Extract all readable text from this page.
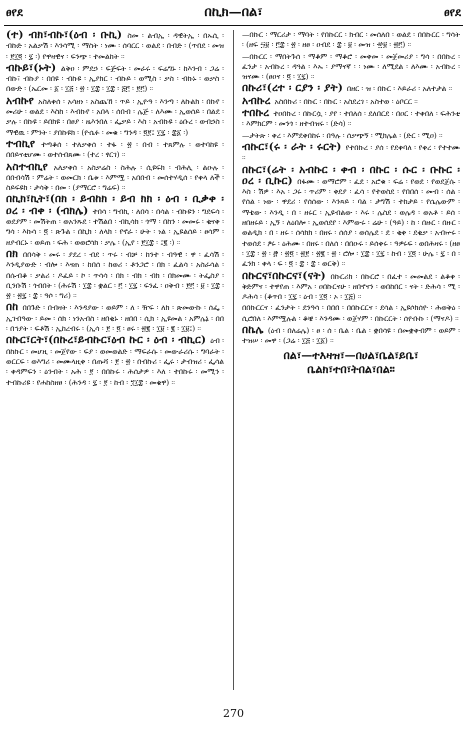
ፀየደ	በኪክ—በል፣	ፀየደ
(ተ) ብክ፣ብኩ፣(ዕብ ፡ ቡኪ) ስመ ፡ ልብኢ ፡ ዳዊትኢ ፡ በኡሲ ፡ ብኩድ ፡ አልቃሽ ፡ እንሳሚ ፡ ማስት ፡ ነሙ ፡ ሰባርር ፡ ወልደ ፡ በብድ ፡ (ጥበደ ፡ መዝ ፡ ፻፲፬ ፡ ፯ ፡) የዋዛዊና ፡ ፍንጭ ፡ ተመልከት ።
ብኩይ፣(ኑት) ልቅዐ ፡ ምደኃ ፡ ፍጅፍት ፡ መራሩ ፡ ፍሬግኑ ፡ ከእንብ ፡ ጋሬ ፡ ብኩ፣ ብኩያ ፡ በበዩ ፡ ብኩዩ ፡ ኢያክር ፡ ብኩይ ፡ ወሚስ ፡ ቃስ ፡ ብኩኑ ፡ ወቃስ ፡ በውድ ፡ (ኤርመ ፡ ፩ ፡ ፲፭ ፡ ፳ ፡ ፲፰ ፡ ፲፰ ፡ ፭፫ ፡ ፻፫) ።
አብኩየ አስለቀሰ ፡ አሳዘነ ፡ አስጨኸ ፡ ጥይ ፡ ኢዮዓ ፡ እንጣ ፡ ለኩልክ ፡ በኩየ ፡ መሪሁ ፡ ወልደ ፡ እስከ ፡ እብኩየ ፡ አበላ ፡ ሰበብ ፡ ሌጅ ፡ ለእሙ ፡ ኢወሰይ ፡ በልደ ፡ ቃሉ ፡ በኩዩ ፡ ይበክዩ ፡ በፀያ ፡ ዜእንበለ ፡ ፌቃይ ፡ እስ ፡ አብኩዩ ፡ ዕቡረ ፡ ወብኃስ ፡ ማዊዉ ፡ ምንት ፡ ያበኩዩክ ፡ (ዮሴፉ ፡ መቁ ፡ ግንዳ ፡ ፬፻፤ ፲፯ ፡ ፰፩ ፡)
ተብኪየ ተጣቆሰ ፡ ተለቃቀሰ ፡ ተፋ ፡ ፳ ፡ በብ ፡ ተጸምሉ ፡ ወተባከዩ ፡ በበይናቲሆሙ ፡ ወተሰብጸሙ ፡ (ተረ ፡ ፃርገ) ።
አስተብኪየ አለቃቀሰ ፡ አስቃሬስ ፡ ስሕሉ ፡ ሲዩፍክ ፡ ብሕሊ ፡ ልዑሉ ፡ በበብሳሽ ፡ ምሬት ፡ ወመርክ ፡ ቤቱ ፡ እምሟ ፡ አበበብ ፡ መሰተሃዲሰ ፡ የቀላ ለች ፡ ስይፍዩክ ፡ ታሳቅ ፡ በመ ፡ (ያማርሮ ፡ ግሬፍ) ።
በኪክ፣ኪት፣(በክ ፡ ይብከክ ፡ ይብ ክክ ፡ ዕብ ፡ ቢቃቀ ፡ ዐረ ፡ ብቀ ፡ (ብክሌ) ተበሳ ፡ ግብኪ ፡ ለበሳ ፡ በሳል ፡ ብኩዩን ፡ ግደፍሳ ፡ ወደያም ፡ መሽትጠ ፡ ወአንጹደ ፡ ተሽልበ ፡ ብኪሳክ ፡ ጎማ ፡ በከን ፡ መመሩ ፡ ቂናቀ ፡ ግሳ ፡ እኩሳ ፡ ፬ ፡ ጽጉል ፡ በኪክ ፡ ለላክ ፡ የኖራ ፡ ሁት ፡ ነል ፡ ኢዩልሰይ ፡ ፀሳም ፡ ዘያብርኑ ፡ ወይጠ ፡ ፍሕ ፡ ወወሮሳክ ፡ ቃሌ ፡ (ኢየ ፡ ፻፲፰ ፡ ፤፪ ፡) ።
በክ በበሳቅ ፡ መሩ ፡ ያደረ ፡ ብደ ፡ ጥሩ ፡ ብቻ ፡ ከንተ ፡ ብዓዊ ፡ ዋ ፡ ፈሳሽ ፡ እንዲያውድ ፡ ብሎ ፡ እናጠ ፡ ከበሰ ፡ ከወሪ ፡ ቶንጋሮ ፡ በክ ፡ ፈልሳ ፡ አስራሳል ፡ በሱብቆ ፡ ቃልሪ ፡ ዶፈይ ፡ ኮ ፡ ጥሳሳ ፡ በክ ፡ ብክ ፡ ብክ ፡ በክመሙ ፡ ትፌስያ ፡ ቢንቡሽ ፡ ጎብበት ፡ (ሕሩሽ ፡ ፲፰ ፡ ቋልር ፡ ፫ ፡ ፲፯ ፡ ፍንፈ ፡ ዐቅብ ፡ ፻፫ ፡ ፱ ፡ ፲፰ ፡ ፳ ፡ ፳፯ ፡ ፰ ፡ ዓሶ ፡ ግሪ) ።
በከ በበጉድ ፡ በብዛት ፡ እንዳያው ፡ ወይም ፡ ለ ፡ ዥፍ ፡ ለክ ፡ ጽመውኩ ፡ ሰፌ ፡ ኢገብዓው ፡ ይመ ፡ ሰክ ፡ ነንአብስ ፡ ዘበቂኑ ፡ ዘበበ ፡ ሲክ ፡ ኢዩመል ፡ አምሌኔ ፡ በበ ፡ በኅያት ፡ ፍቶሽ ፡ ኢከረብሩ ፡ (ኢሳ ፡ ፻ ፡ ፬ ፡ ፀሩ ፡ ፳፪ ፡ ፲፱ ፡ ፪ ፡ ፲፱፤) ።
በኩር፣ርት፣(በኩረ፣ይብኩር፣ዕብ ኩር ፡ ዕብ ፡ ብኪር) ዕብ ፡ በከኩር ፡ መሆዚ ፡ መጀየው ፡ ፍያ ፡ ወመወልድ ፡ ማፍራሱ ፡ መውራሪሱ ፡ ግባራት ፡ ወርርፍ ፡ ወእግሪ ፡ መሙላዚቀ ፡ በጡሻ ፡ ፻ ፡ ፳ ፡ በብኩሪ ፡ ፌሩ ፡ ታብዝሪ ፡ ፌሳል ፡ ቀዳምፍን ፡ ዕንብት ፡ አሕ ፡ ፻ ፡ በበኩሩ ፡ ሕሰታዎ ፡ እለ ፡ ተበኩሩ ፡ መሚን ፡ ተብኩሪዩ ፡ የሐከስዘፀ ፡ (ሕንዳ ፡ ፯ ፡ ፻ ፡ ከብ ፡ ፺፲፰ ፡ መቄዋ) ።
—በኩር ፡ ማርሪታ ፡ ማባት ፡ የበኩርር ፡ ክብር ፡ መሰለበ ፡ ወልደ ፡ በበኩርር ፡ ግሳት ፡ (ዘፍ ፵፱ ፡ ፫፰ ፡ ፳ ፡ ዘፀ ፡ ዐብደ ፡ ፰ ፡ ፱ ፡ መዝ ፡ ፹፱ ፡ ፳፫) ።
—በኩርር ፡ ማበትጉሰ ፡ ማቆም ፡ ማቆሮ ፡ መቀመ ፡ መጀመሪያ ፡ ግሳ ፡ በበኩረ ፡ ፈንታ ፡ አብኩረ ፡ ዳጓል ፡ እኡ ፡ ያማናኛ ፡ ፡ ነሙ ፡ ለሚደል ፡ ለእሙ ፡ አብኩረ ፡ ዝናሙ ፡ (ፀዐና ፡ ፬ ፡ ፲፯) ።
በኩሪ፣(ረተ ፡ ርያን ፡ ያት) በዘር ፡ ዝ ፡ በኩር ፡ እይራሪ ፡ አለተታል ።
አብኩረ አስበኩሪ ፡ በኩር ፡ በኩር ፡ አስደረገ ፡ አስተወ ፡ ዕቦርር ።
ተበኩረ ተዐበኩረ ፡ በኩርሷ ፡ ያየ ፡ ተበለሰ ፡ ደለበርደ ፡ በዐር ፡ ተቀበለ ፡ ፍሕንቲ ፡ እምክርም ፡ መንጎ ፡ ዘተብዝሩ ፡ (ድሳ) ።
—ታትጵ ፡ ቀረ ፡ እምደቀበከሩ ፡ በዓሉ ፡ ሰቃጭኝ ፡ ሚክሌል ፡ (ድር ፡ ሚዐ) ።
ብኩር፣(ሩ ፡ ራት ፡ ሩርት) የተበኩረ ፡ ያሰ ፡ የደቀባለ ፡ የቀረ ፡ የተተሙ ።
በኩር፣(ሬት ፡ አብኩር ፡ ቀብ ፡ በኩር ፡ ሱር ፡ ቡኩር ፡ ዐረ ፡ ቢኩር) በፋሙ ፡ ወማሮም ፡ ፈደ ፡ አሮቁ ፡ ፍሬ ፡ የወደ ፡ የወደጀሱ ፡ እስ ፡ ሽዎ ፡ እአ ፡ ጋሩ ፡ ጥሪም ፡ ቀደያ ፡ ፈሳ ፡ የተወስደ ፡ የበበሰ ፡ መብ ፡ ሰል ፡ የሰል ፡ ነው ፡ ዋደሪ ፡ የሰሰው ፡ እንጻይ ፡ ባል ፡ ታግሽ ፡ ተከታይ ፡ የሴሌውም ፡ ማቴው ፡ እንዲ ፡ በ ፡ ዘሩር ፡ ኢዩብልው ፡ እሩ ፡ ሌስደ ፡ ወሌዳ ፡ ወአቶ ፡ ይሰ ፡ ዘበዘሩይ ፡ ኢኝ ፡ ለዕበሎ ፡ ኢወሰደየ ፡ እምውሩ ፡ ሬሁ ፡ (ዓይ) ፡ ከ ፡ በዙር ፡ በዙር ፡ ወልዲክ ፡ በ ፡ ዘሩ ፡ ሰሳክክ ፡ በዘሩ ፡ ሰሰያ ፡ ወሰሌደ ፡ ደ ፡ ቂቀ ፡ ደቂቃ ፡ አብኵሩ ፡ ተወሰደ ፡ ፆሩ ፡ ዕሕሙ ፡ በዘሩ ፡ በለሰ ፡ በበዑሩ ፡ ይሰቀሩ ፡ ዓዎሩፍ ፡ ወበሕዛሩ ፡ (ዘፀ ፡ ፲፰ ፡ ፳ ፡ ፸ ፡ ፳፬ ፡ ፳፻ ፡ ፳፪ ፡ ፳ ፡ ሮሎ ፡ ፲፰ ፡ ፲፯ ፡ ከብ ፡ ፲፬ ፡ ሁሌ ፡ ፯ ፡ በ ፡ ፈንክ ፡ ቀላ ፡ ፍ ፡ ፬ ፡ ፰ ፡ ፰ ፡ ወርቅ) ።
በኩርና፣በኩርና፣(ናት) በኩርሪክ ፡ በኩርሮ ፡ በፈተ ፡ መመልደ ፡ ልቆቀ ፡ ቅድምና ፡ ተዋየጠ ፡ እምአ ፡ ዐበኩርናሁ ፡ ዘበኖናን ፡ ወበከበር ፡ ናት ፡ ድሕሳ ፡ ሚ ፡ ዶሕሳ ፡ (ቆጥበ ፡ ፲፯ ፡ ዕብ ፡ ፲፬ ፡ ኦ ፡ ፲፭) ።
በበኩርርና ፡ ፈንታት ፡ ደንዓሳ ፡ በበበ ፡ በበኩርርና ፡ ደሳል ፡ ኢዩሶክሰዮ ፡ ሕወቅዕ ፡ ሲሮበለ ፡ እምሟሉል ፡ ቆቼ ፡ እንዳሙ ፡ ወጀሃም ፡ በኩርርት ፡ ሰዮቡኩ ፡ (ማናዶ) ።
በኬሌ (ዕብ ፡ በለሬሌ) ፡ ፀ ፡ ሰ ፡ ቤል ፡ ቤል ፡ ቋበሳዩ ፡ በመቋቀብም ፡ ወይም ፡ ተዝሠ ፡ መዋ ፡ (ጋሬ ፡ ፲፭ ፡ ፲፩) ።
በል፣—ተእዛዝ፣—በሀል፣ቤል፣ይቤ፣
ቤልክ፣ተበ፣ትበል፣በል።
270
